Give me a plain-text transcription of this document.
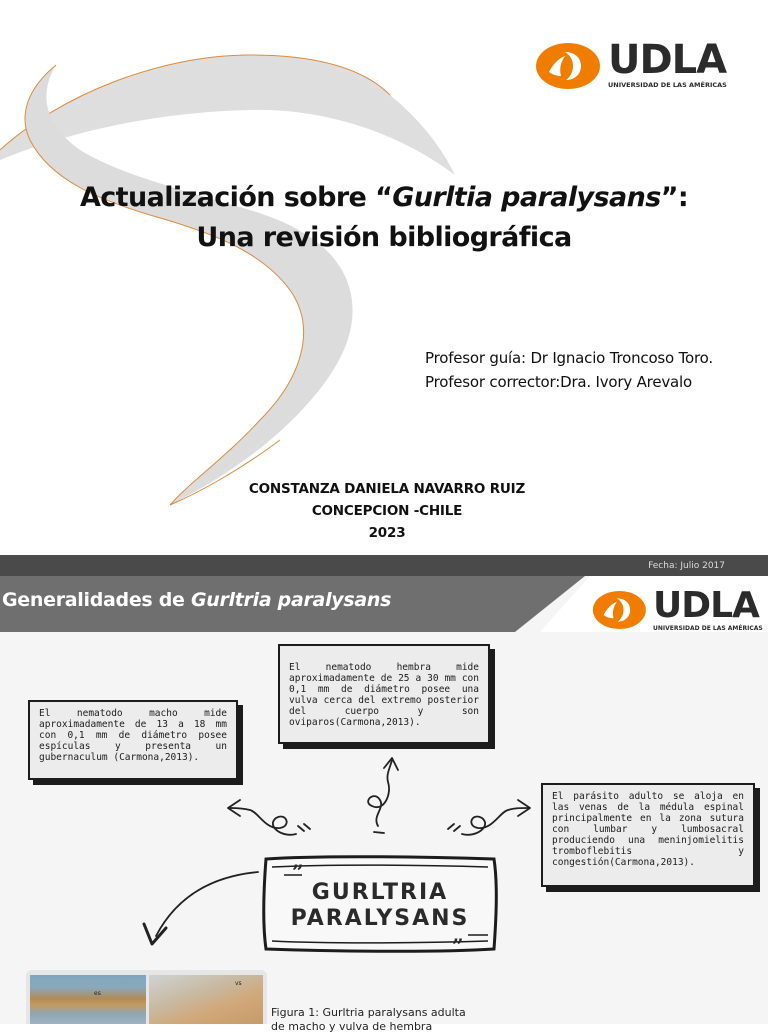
UDLA
UNIVERSIDAD DE LAS AMÉRICAS
Actualización sobre “Gurltia paralysans”:
Una revisión bibliográfica
Profesor guía: Dr Ignacio Troncoso Toro.
Profesor corrector:Dra. Ivory Arevalo
CONSTANZA DANIELA NAVARRO RUIZ
CONCEPCION -CHILE
2023
Fecha: Julio 2017
Generalidades de Gurltria paralysans	UDLA
UNIVERSIDAD DE LAS AMÉRICAS
El nematodo macho mide aproximadamente de 13 a 18 mm con 0,1 mm de diámetro posee espículas y presenta un gubernaculum (Carmona,2013).
El nematodo hembra mide aproximadamente de 25 a 30 mm con 0,1 mm de diámetro posee una vulva cerca del extremo posterior del cuerpo y son oviparos(Carmona,2013).
El parásito adulto se aloja en las venas de la médula espinal principalmente en la zona sutura con lumbar y lumbosacral produciendo una meninjomielitis tromboflebitis y congestión(Carmona,2013).
”
”
GURLTRIA
PARALYSANS
es
vs
Figura 1: Gurltria paralysans adulta
de macho y vulva de hembra
